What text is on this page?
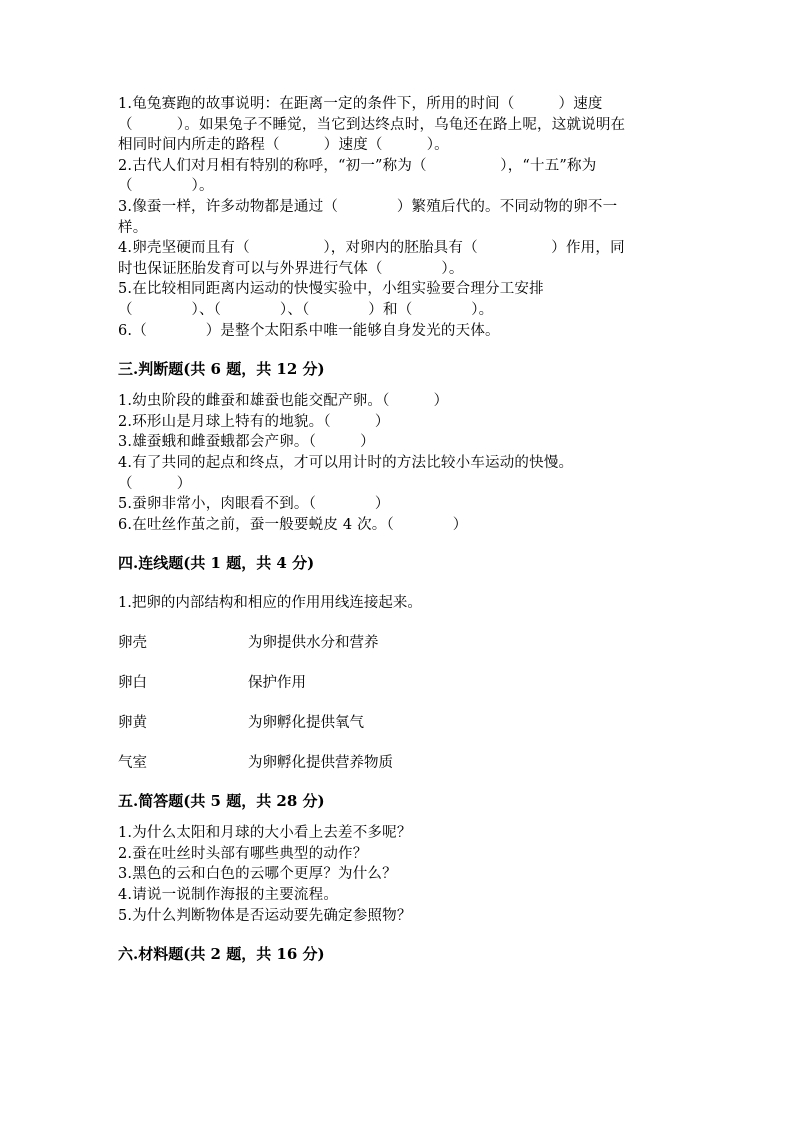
1.龟兔赛跑的故事说明：在距离一定的条件下，所用的时间（　　　）速度
（　　　）。如果兔子不睡觉，当它到达终点时，乌龟还在路上呢，这就说明在
相同时间内所走的路程（　　　）速度（　　　）。
2.古代人们对月相有特别的称呼，“初一”称为（　　　　　），“十五”称为
（　　　　）。
3.像蚕一样，许多动物都是通过（　　　　）繁殖后代的。不同动物的卵不一
样。
4.卵壳坚硬而且有（　　　　　），对卵内的胚胎具有（　　　　　）作用，同
时也保证胚胎发育可以与外界进行气体（　　　　）。
5.在比较相同距离内运动的快慢实验中，小组实验要合理分工安排
（　　　　）、（　　　　）、（　　　　）和（　　　　）。
6.（　　　　）是整个太阳系中唯一能够自身发光的天体。
三.判断题(共 6 题，共 12 分)
1.幼虫阶段的雌蚕和雄蚕也能交配产卵。（　　　）
2.环形山是月球上特有的地貌。（　　　）
3.雄蚕蛾和雌蚕蛾都会产卵。（　　　）
4.有了共同的起点和终点，才可以用计时的方法比较小车运动的快慢。
（　　　）
5.蚕卵非常小，肉眼看不到。（　　　　）
6.在吐丝作茧之前，蚕一般要蜕皮 4 次。（　　　　）
四.连线题(共 1 题，共 4 分)
1.把卵的内部结构和相应的作用用线连接起来。
卵壳	为卵提供水分和营养
卵白	保护作用
卵黄	为卵孵化提供氧气
气室	为卵孵化提供营养物质
五.简答题(共 5 题，共 28 分)
1.为什么太阳和月球的大小看上去差不多呢？
2.蚕在吐丝时头部有哪些典型的动作？
3.黑色的云和白色的云哪个更厚？为什么？
4.请说一说制作海报的主要流程。
5.为什么判断物体是否运动要先确定参照物？
六.材料题(共 2 题，共 16 分)
